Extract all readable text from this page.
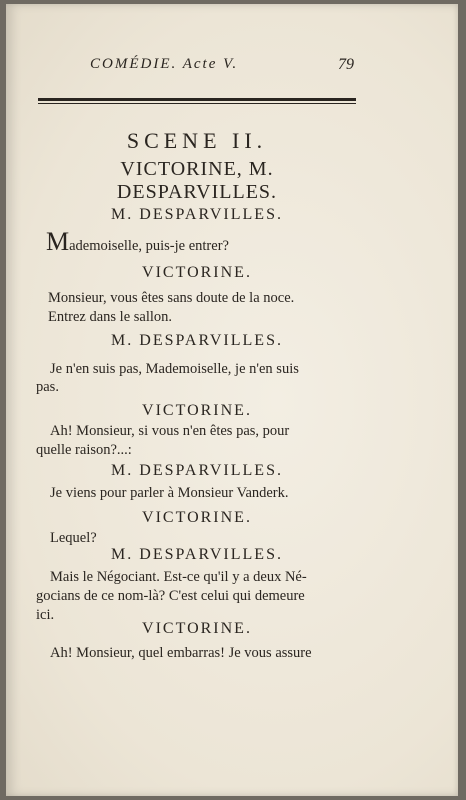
COMÉDIE. Acte V.	79
SCENE II.
VICTORINE, M. DESPARVILLES.
M. DESPARVILLES.
Mademoiselle, puis-je entrer?
VICTORINE.
Monsieur, vous êtes sans doute de la noce.
Entrez dans le sallon.
M. DESPARVILLES.
Je n'en suis pas, Mademoiselle, je n'en suis
pas.
VICTORINE.
Ah! Monsieur, si vous n'en êtes pas, pour
quelle raison?...:
M. DESPARVILLES.
Je viens pour parler à Monsieur Vanderk.
VICTORINE.
Lequel?
M. DESPARVILLES.
Mais le Négociant. Est-ce qu'il y a deux Né-
gocians de ce nom-là? C'est celui qui demeure
ici.
VICTORINE.
Ah! Monsieur, quel embarras! Je vous assure
